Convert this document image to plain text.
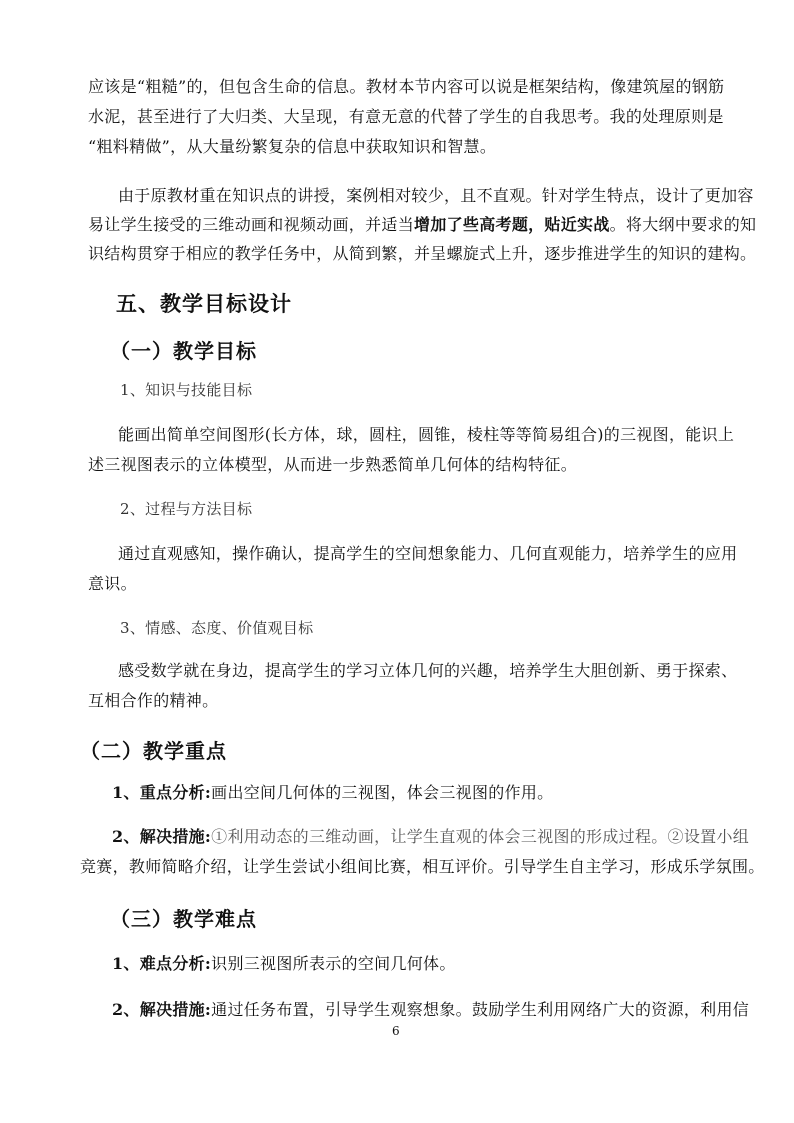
应该是“粗糙”的，但包含生命的信息。教材本节内容可以说是框架结构，像建筑屋的钢筋
水泥，甚至进行了大归类、大呈现，有意无意的代替了学生的自我思考。我的处理原则是
“粗料精做”，从大量纷繁复杂的信息中获取知识和智慧。
由于原教材重在知识点的讲授，案例相对较少，且不直观。针对学生特点，设计了更加容
易让学生接受的三维动画和视频动画，并适当增加了些高考题，贴近实战。将大纲中要求的知
识结构贯穿于相应的教学任务中，从简到繁，并呈螺旋式上升，逐步推进学生的知识的建构。
五、教学目标设计
（一）教学目标
1、知识与技能目标
能画出简单空间图形(长方体，球，圆柱，圆锥，棱柱等等简易组合)的三视图，能识上
述三视图表示的立体模型，从而进一步熟悉简单几何体的结构特征。
2、过程与方法目标
通过直观感知，操作确认，提高学生的空间想象能力、几何直观能力，培养学生的应用
意识。
3、情感、态度、价值观目标
感受数学就在身边，提高学生的学习立体几何的兴趣，培养学生大胆创新、勇于探索、
互相合作的精神。
（二）教学重点
1、重点分析:画出空间几何体的三视图，体会三视图的作用。
2、解决措施:①利用动态的三维动画，让学生直观的体会三视图的形成过程。②设置小组
竞赛，教师简略介绍，让学生尝试小组间比赛，相互评价。引导学生自主学习，形成乐学氛围。
（三）教学难点
1、难点分析:识别三视图所表示的空间几何体。
2、解决措施:通过任务布置，引导学生观察想象。鼓励学生利用网络广大的资源，利用信
6
